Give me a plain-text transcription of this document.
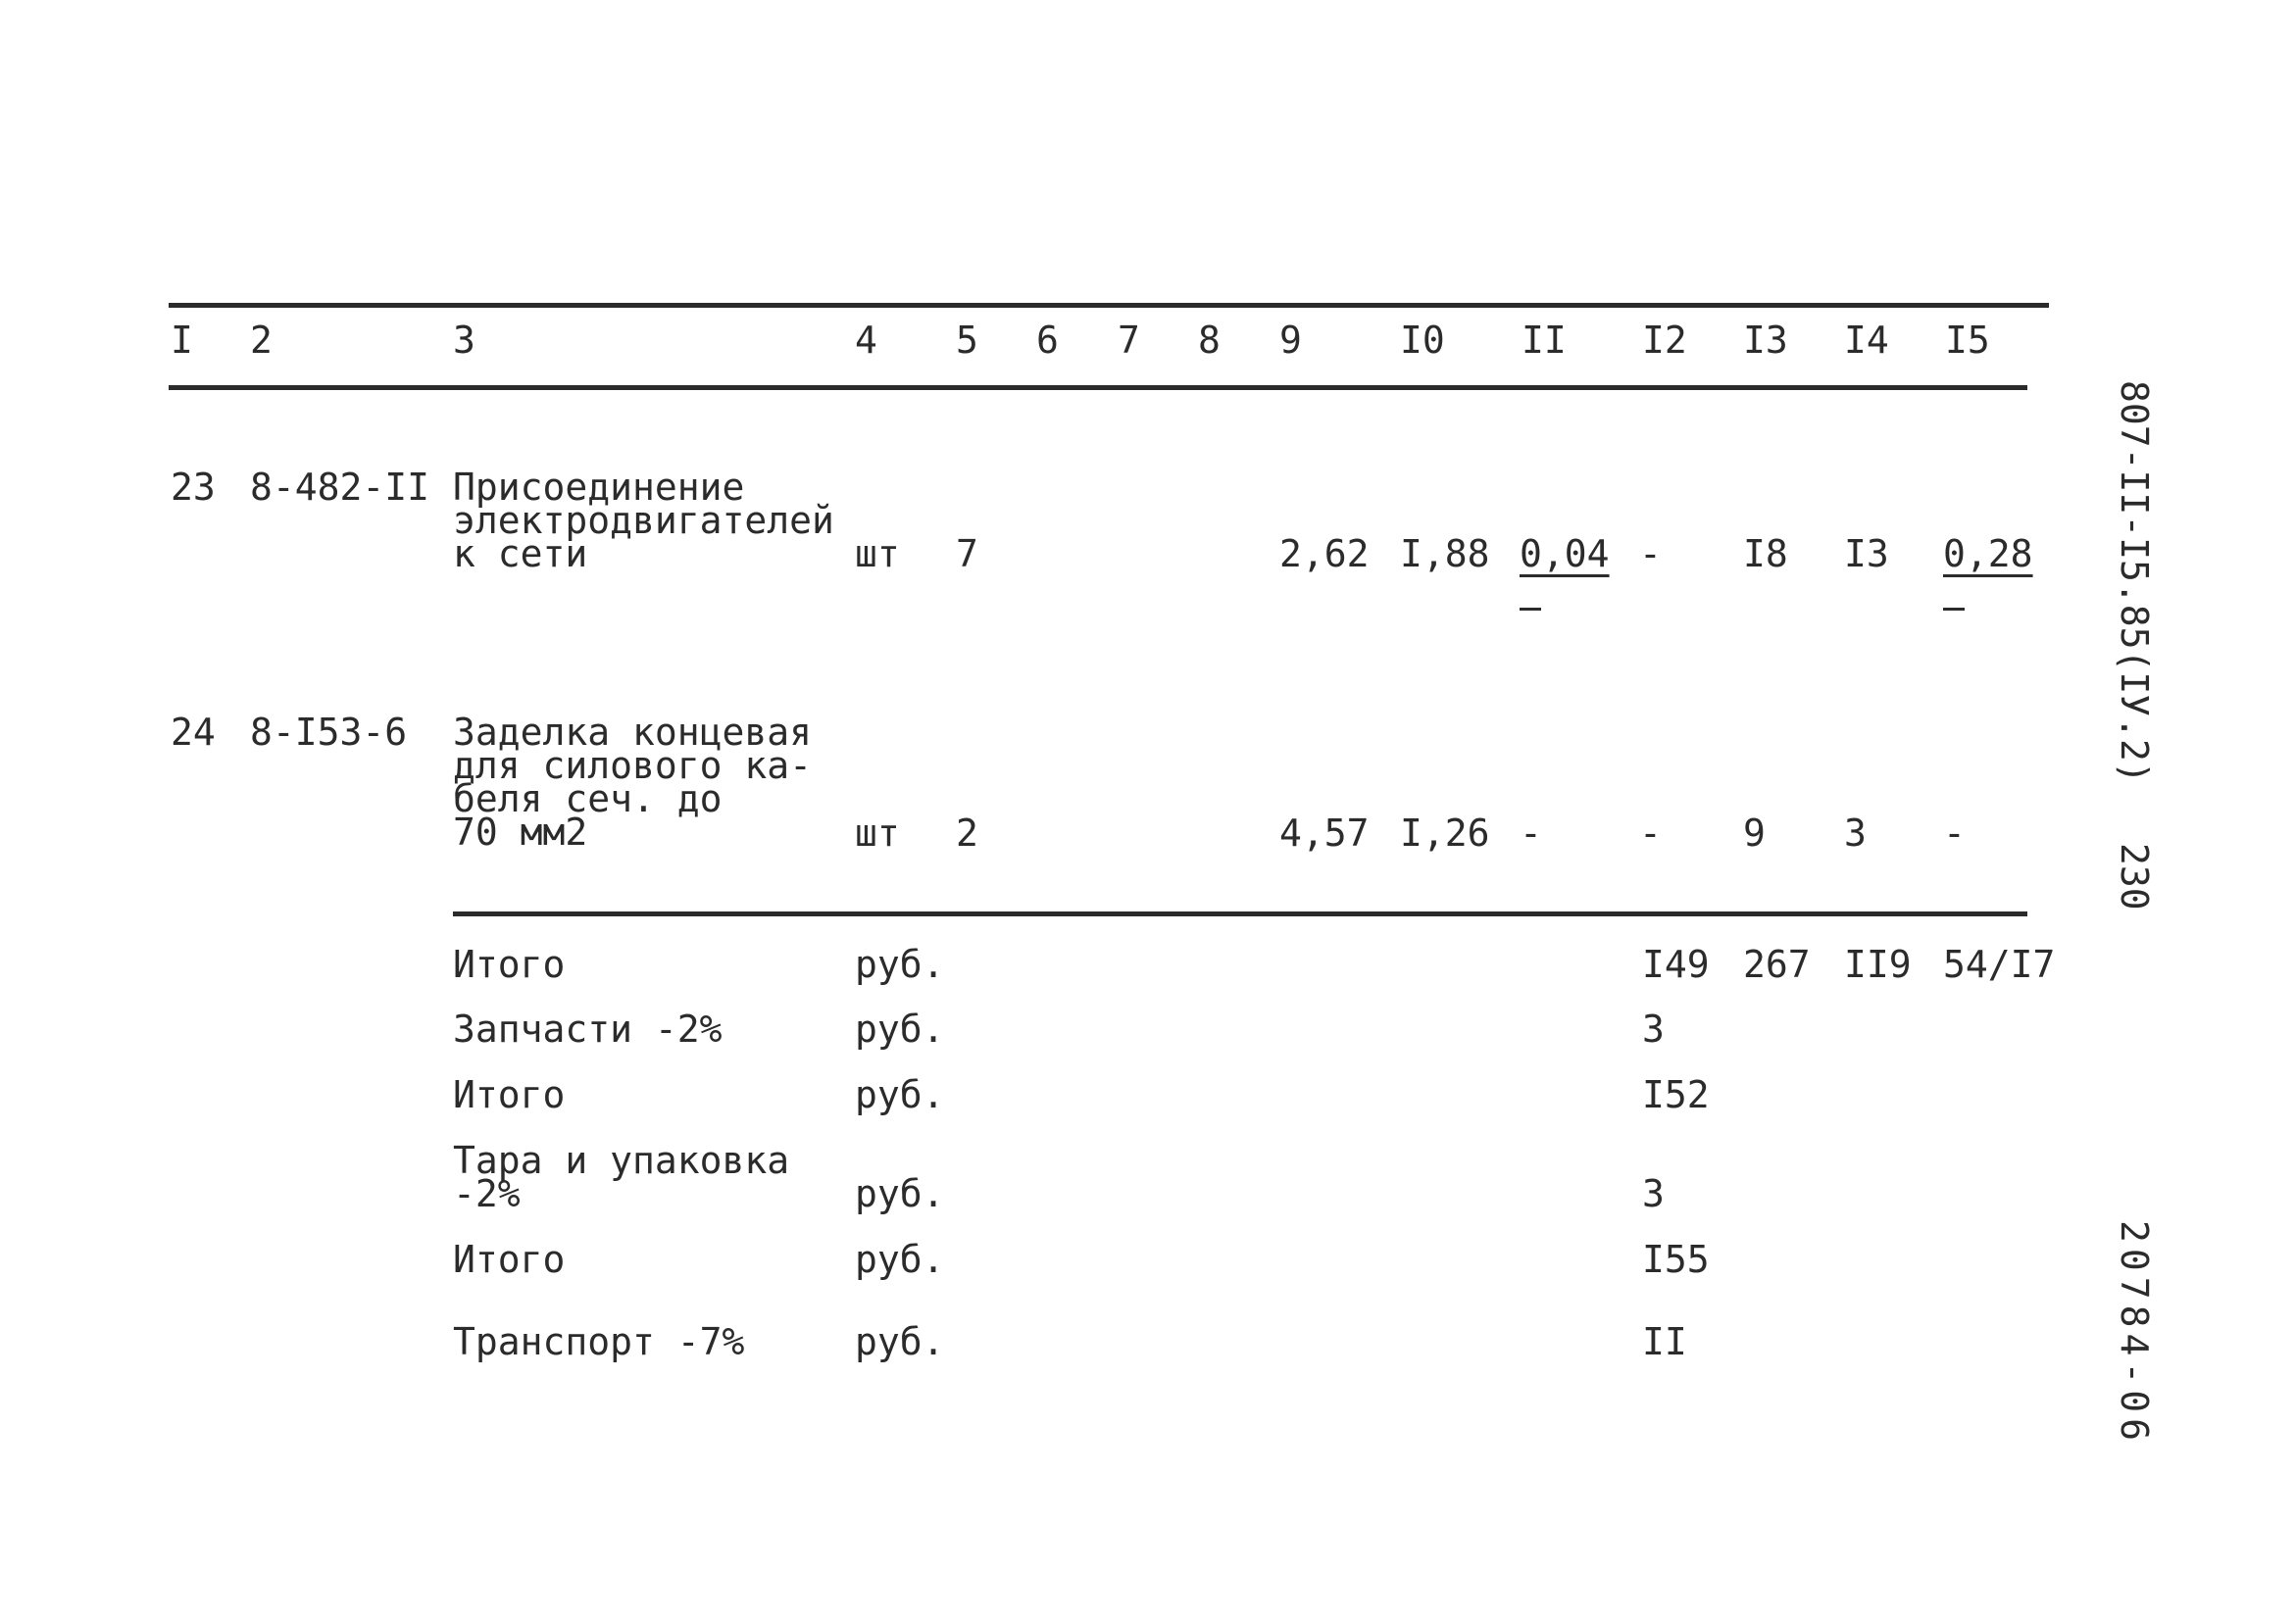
I 2	3	4 5 6 7 8 9	I0 II I2 I3 I4 I5
23 8-482-II Присоединение
электродвигателей
к сети	шт 7	2,62 I,88 0,04 - I8 I3 0,28
24 8-I53-6 Заделка концевая
для силового ка-
беля сеч. до
70 мм2	шт 2	4,57 I,26 -	- 9 3 -
Итого	руб.	I49 267 II9 54/I7
Запчасти -2%	руб.	3
Итого	руб.	I52
Тара и упаковка
-2%	руб.	3
Итого	руб.	I55
Транспорт -7%	руб.	II
807-II-I5.85(IУ.2)
230
20784-06
